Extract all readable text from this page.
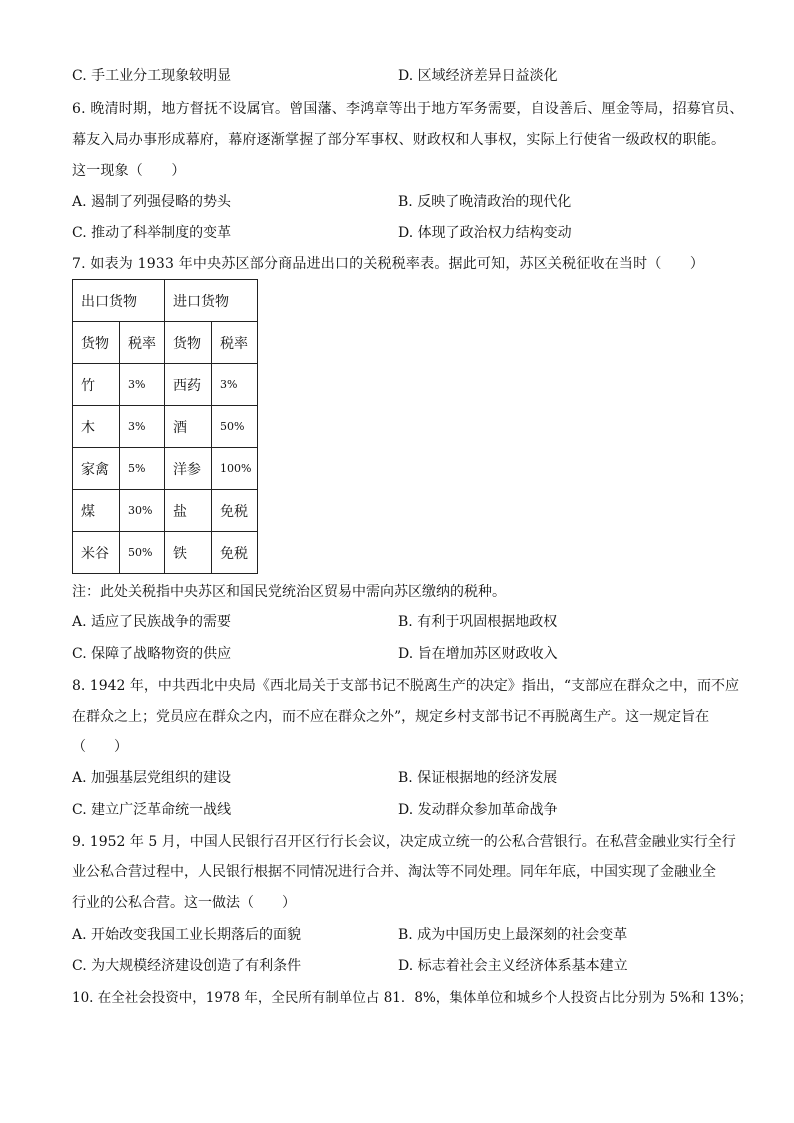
C. 手工业分工现象较明显	D. 区域经济差异日益淡化
6. 晚清时期，地方督抚不设属官。曾国藩、李鸿章等出于地方军务需要，自设善后、厘金等局，招募官员、
幕友入局办事形成幕府，幕府逐渐掌握了部分军事权、财政权和人事权，实际上行使省一级政权的职能。
这一现象（　　）
A. 遏制了列强侵略的势头	B. 反映了晚清政治的现代化
C. 推动了科举制度的变革	D. 体现了政治权力结构变动
7. 如表为 1933 年中央苏区部分商品进出口的关税税率表。据此可知，苏区关税征收在当时（　　）
出口货物		进口货物	
货物	税率	货物	税率
竹	3%	西药	3%
木	3%	酒	50%
家禽	5%	洋参	100%
煤	30%	盐	免税
米谷	50%	铁	免税
注：此处关税指中央苏区和国民党统治区贸易中需向苏区缴纳的税种。
A. 适应了民族战争的需要	B. 有利于巩固根据地政权
C. 保障了战略物资的供应	D. 旨在增加苏区财政收入
8. 1942 年，中共西北中央局《西北局关于支部书记不脱离生产的决定》指出，“支部应在群众之中，而不应
在群众之上；党员应在群众之内，而不应在群众之外”，规定乡村支部书记不再脱离生产。这一规定旨在
（　　）
A. 加强基层党组织的建设	B. 保证根据地的经济发展
C. 建立广泛革命统一战线	D. 发动群众参加革命战争
9. 1952 年 5 月，中国人民银行召开区行行长会议，决定成立统一的公私合营银行。在私营金融业实行全行
业公私合营过程中，人民银行根据不同情况进行合并、淘汰等不同处理。同年年底，中国实现了金融业全
行业的公私合营。这一做法（　　）
A. 开始改变我国工业长期落后的面貌	B. 成为中国历史上最深刻的社会变革
C. 为大规模经济建设创造了有利条件	D. 标志着社会主义经济体系基本建立
10. 在全社会投资中，1978 年，全民所有制单位占 81．8%，集体单位和城乡个人投资占比分别为 5%和 13%；
